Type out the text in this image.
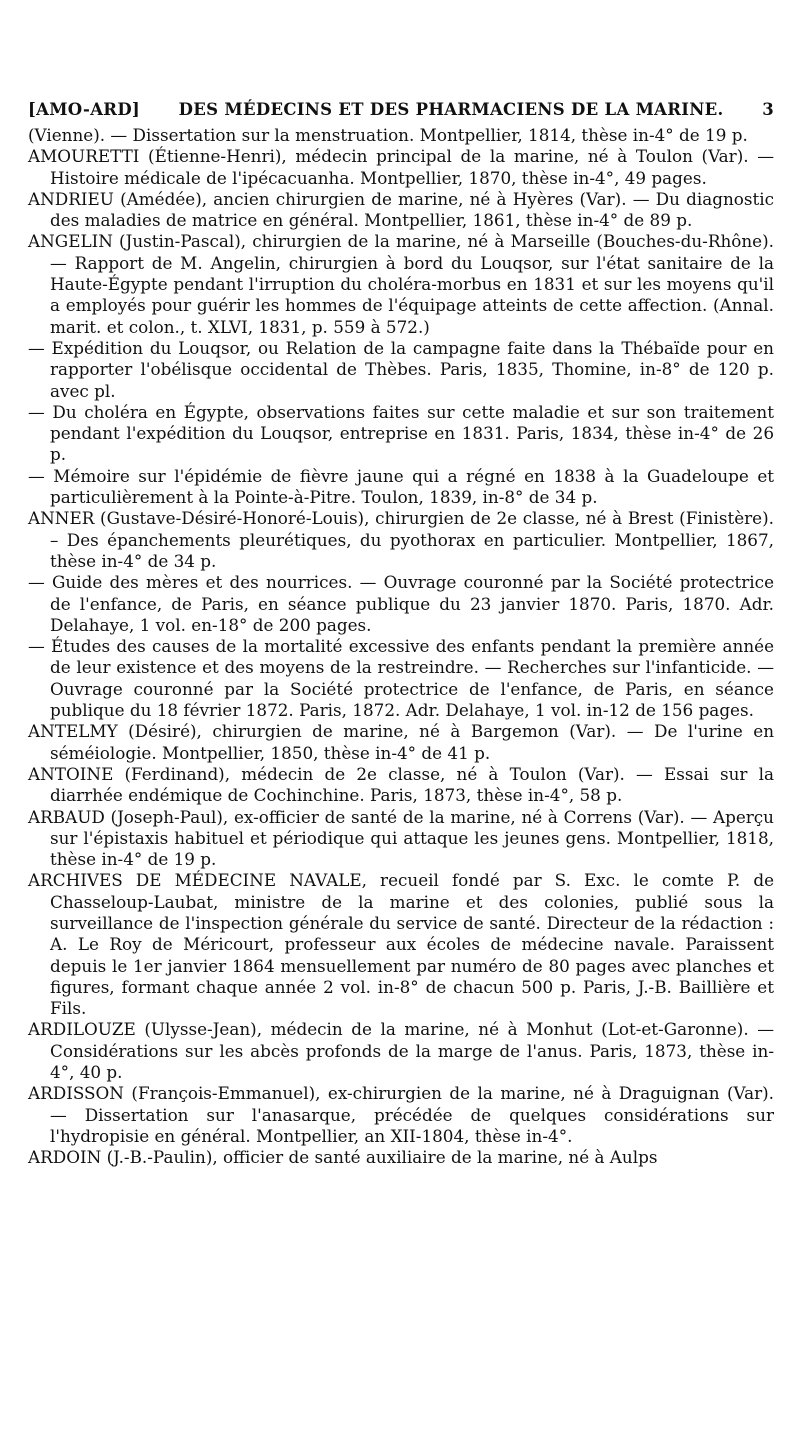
[AMO-ARD]	DES MÉDECINS ET DES PHARMACIENS DE LA MARINE.	3

(Vienne). — Dissertation sur la menstruation. Montpellier, 1814, thèse in-4° de 19 p.

AMOURETTI (Étienne-Henri), médecin principal de la marine, né à Toulon (Var). — Histoire médicale de l'ipécacuanha. Montpellier, 1870, thèse in-4°, 49 pages.

ANDRIEU (Amédée), ancien chirurgien de marine, né à Hyères (Var). — Du diagnostic des maladies de matrice en général. Montpellier, 1861, thèse in-4° de 89 p.

ANGELIN (Justin-Pascal), chirurgien de la marine, né à Marseille (Bouches-du-Rhône). — Rapport de M. Angelin, chirurgien à bord du Louqsor, sur l'état sanitaire de la Haute-Égypte pendant l'irruption du choléra-morbus en 1831 et sur les moyens qu'il a employés pour guérir les hommes de l'équipage atteints de cette affection. (Annal. marit. et colon., t. XLVI, 1831, p. 559 à 572.)

— Expédition du Louqsor, ou Relation de la campagne faite dans la Thébaïde pour en rapporter l'obélisque occidental de Thèbes. Paris, 1835, Thomine, in-8° de 120 p. avec pl.

— Du choléra en Égypte, observations faites sur cette maladie et sur son traitement pendant l'expédition du Louqsor, entreprise en 1831. Paris, 1834, thèse in-4° de 26 p.

— Mémoire sur l'épidémie de fièvre jaune qui a régné en 1838 à la Guadeloupe et particulièrement à la Pointe-à-Pitre. Toulon, 1839, in-8° de 34 p.

ANNER (Gustave-Désiré-Honoré-Louis), chirurgien de 2e classe, né à Brest (Finistère). – Des épanchements pleurétiques, du pyothorax en particulier. Montpellier, 1867, thèse in-4° de 34 p.

— Guide des mères et des nourrices. — Ouvrage couronné par la Société protectrice de l'enfance, de Paris, en séance publique du 23 janvier 1870. Paris, 1870. Adr. Delahaye, 1 vol. en-18° de 200 pages.

— Études des causes de la mortalité excessive des enfants pendant la première année de leur existence et des moyens de la restreindre. — Recherches sur l'infanticide. — Ouvrage couronné par la Société protectrice de l'enfance, de Paris, en séance publique du 18 février 1872. Paris, 1872. Adr. Delahaye, 1 vol. in-12 de 156 pages.

ANTELMY (Désiré), chirurgien de marine, né à Bargemon (Var). — De l'urine en séméiologie. Montpellier, 1850, thèse in-4° de 41 p.

ANTOINE (Ferdinand), médecin de 2e classe, né à Toulon (Var). — Essai sur la diarrhée endémique de Cochinchine. Paris, 1873, thèse in-4°, 58 p.

ARBAUD (Joseph-Paul), ex-officier de santé de la marine, né à Correns (Var). — Aperçu sur l'épistaxis habituel et périodique qui attaque les jeunes gens. Montpellier, 1818, thèse in-4° de 19 p.

ARCHIVES DE MÉDECINE NAVALE, recueil fondé par S. Exc. le comte P. de Chasseloup-Laubat, ministre de la marine et des colonies, publié sous la surveillance de l'inspection générale du service de santé. Directeur de la rédaction : A. Le Roy de Méricourt, professeur aux écoles de médecine navale. Paraissent depuis le 1er janvier 1864 mensuellement par numéro de 80 pages avec planches et figures, formant chaque année 2 vol. in-8° de chacun 500 p. Paris, J.-B. Baillière et Fils.

ARDILOUZE (Ulysse-Jean), médecin de la marine, né à Monhut (Lot-et-Garonne). — Considérations sur les abcès profonds de la marge de l'anus. Paris, 1873, thèse in-4°, 40 p.

ARDISSON (François-Emmanuel), ex-chirurgien de la marine, né à Draguignan (Var). — Dissertation sur l'anasarque, précédée de quelques considérations sur l'hydropisie en général. Montpellier, an XII-1804, thèse in-4°.

ARDOIN (J.-B.-Paulin), officier de santé auxiliaire de la marine, né à Aulps
